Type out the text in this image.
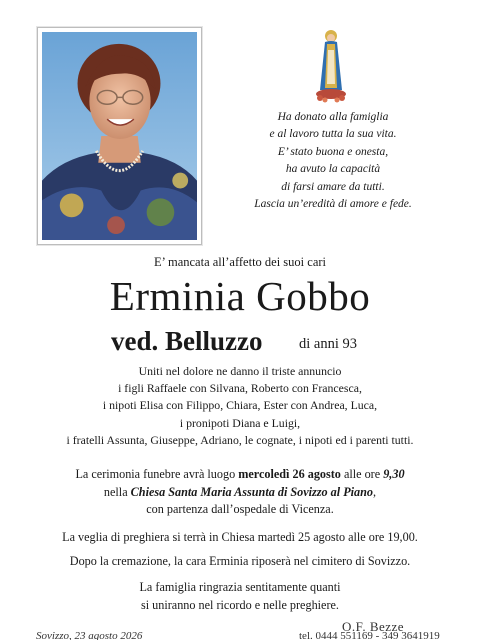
Ha donato alla famiglia
e al lavoro tutta la sua vita.
E’ stato buona e onesta,
ha avuto la capacità
di farsi amare da tutti.
Lascia un’eredità di amore e fede.
E’ mancata all’affetto dei suoi cari
Erminia Gobbo
ved. Belluzzo	di anni 93
Uniti nel dolore ne danno il triste annuncio
i figli Raffaele con Silvana, Roberto con Francesca,
i nipoti Elisa con Filippo, Chiara, Ester con Andrea, Luca,
i pronipoti Diana e Luigi,
i fratelli Assunta, Giuseppe, Adriano, le cognate, i nipoti ed i parenti tutti.
La cerimonia funebre avrà luogo mercoledì 26 agosto alle ore 9,30
nella Chiesa Santa Maria Assunta di Sovizzo al Piano,
con partenza dall’ospedale di Vicenza.
La veglia di preghiera si terrà in Chiesa martedì 25 agosto alle ore 19,00.
Dopo la cremazione, la cara Erminia riposerà nel cimitero di Sovizzo.
La famiglia ringrazia sentitamente quanti
si uniranno nel ricordo e nelle preghiere.
O.F. Bezze
Sovizzo, 23 agosto 2026	tel. 0444 551169 - 349 3641919
